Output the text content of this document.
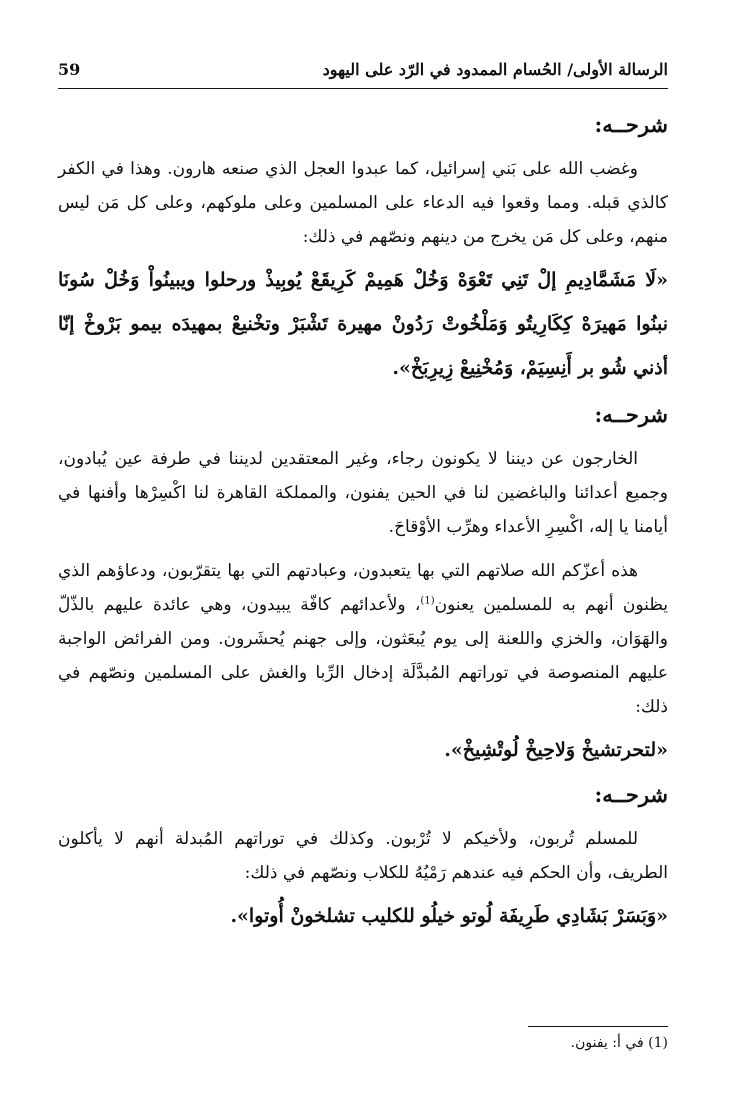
الرسالة الأولى/ الحُسام الممدود في الرّد على اليهود
59
شرحــه:

وغضب الله على بَني إسرائيل، كما عبدوا العجل الذي صنعه هارون. وهذا في الكفر كالذي قبله. ومما وقعوا فيه الدعاء على المسلمين وعلى ملوكهم، وعلى كل مَن ليس منهم، وعلى كل مَن يخرج من دينهم ونصّهم في ذلك:

«لَا مَشَمَّادِيمِ إلْ تَنِي تَعْوَهْ وَخُلْ هَمِيمْ كَرِيقَعْ يُوبِيذْ ورحلوا ويبينُواْ وَخُلْ سُونَا نبنُوا مَهيرَهْ كِكَارِيتُو وَمَلْخُوتْ رَدُونْ مهيرة تَشْبَرْ وتخْنيعْ بمهيدَه بيمو بَرْوخْ إنّا أذني شُو بر أَنِسِيَمْ، وَمُخْنِيعْ زِيرِبَخْ».

شرحــه:

الخارجون عن ديننا لا يكونون رجاء، وغير المعتقدين لديننا في طرفة عين يُبادون، وجميع أعدائنا والباغضين لنا في الحين يفنون، والمملكة القاهرة لنا اكْسِرْها وأفنها في أيامنا يا إله، اكْسِرِ الأعداء وهرِّب الأوْقاحَ.

هذه أعزّكم الله صلاتهم التي بها يتعبدون، وعبادتهم التي بها يتقرّبون، ودعاؤهم الذي يظنون أنهم به للمسلمين يعنون$^{(1)}$، ولأعدائهم كافّة يبيدون، وهي عائدة عليهم بالذّلّ والهَوَان، والخزي واللعنة إلى يوم يُبعَثون، وإلى جهنم يُحشَرون. ومن الفرائض الواجبة عليهم المنصوصة في توراتهم المُبدَّلَة إدخال الرِّبا والغش على المسلمين ونصّهم في ذلك:

«لتحرتشيخْ وَلاحِيخْ لُوتْشِيخْ».

شرحــه:

للمسلم تُربون، ولأخيكم لا تُرْبون. وكذلك في توراتهم المُبدلة أنهم لا يأكلون الطريف، وأن الحكم فيه عندهم رَمْيُهُ للكلاب ونصّهم في ذلك:

«وَبَسَرْ بَشَادِي طَرِيفَة لُوتو خيلُو للكليب تشلخونْ أُوتوا».

(1) في أ: يفنون.
